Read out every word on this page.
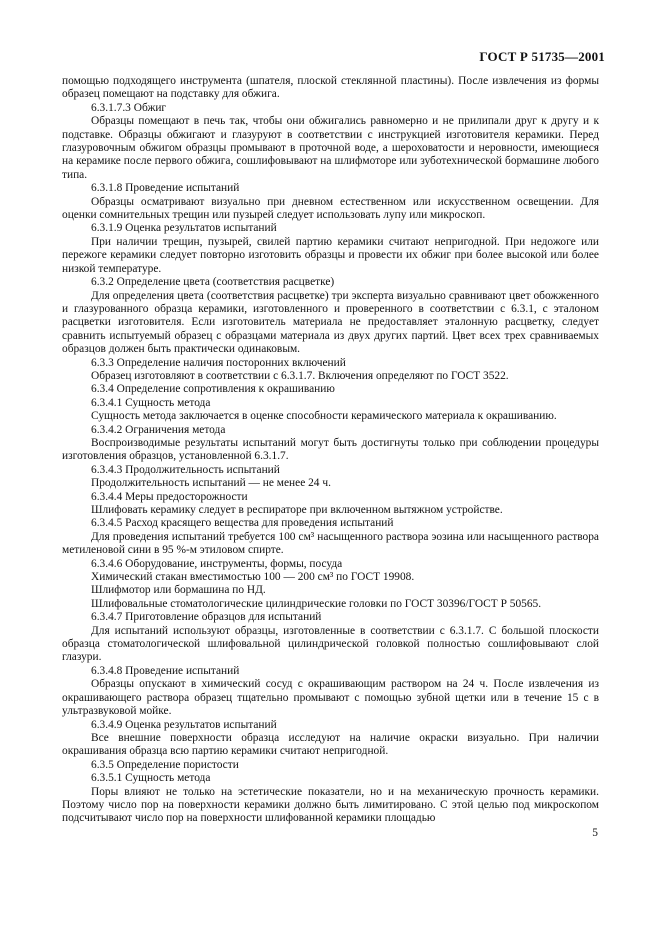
ГОСТ Р 51735—2001

помощью подходящего инструмента (шпателя, плоской стеклянной пластины). После извлечения из формы образец помещают на подставку для обжига.

6.3.1.7.3 Обжиг

Образцы помещают в печь так, чтобы они обжигались равномерно и не прилипали друг к другу и к подставке. Образцы обжигают и глазуруют в соответствии с инструкцией изготовителя керамики. Перед глазуровочным обжигом образцы промывают в проточной воде, а шероховатости и неровности, имеющиеся на керамике после первого обжига, сошлифовывают на шлифмоторе или зуботехнической бормашине любого типа.

6.3.1.8 Проведение испытаний

Образцы осматривают визуально при дневном естественном или искусственном освещении. Для оценки сомнительных трещин или пузырей следует использовать лупу или микроскоп.

6.3.1.9 Оценка результатов испытаний

При наличии трещин, пузырей, свилей партию керамики считают непригодной. При недожоге или пережоге керамики следует повторно изготовить образцы и провести их обжиг при более высокой или более низкой температуре.

6.3.2 Определение цвета (соответствия расцветке)

Для определения цвета (соответствия расцветке) три эксперта визуально сравнивают цвет обожженного и глазурованного образца керамики, изготовленного и проверенного в соответствии с 6.3.1, с эталоном расцветки изготовителя. Если изготовитель материала не предоставляет эталонную расцветку, следует сравнить испытуемый образец с образцами материала из двух других партий. Цвет всех трех сравниваемых образцов должен быть практически одинаковым.

6.3.3 Определение наличия посторонних включений

Образец изготовляют в соответствии с 6.3.1.7. Включения определяют по ГОСТ 3522.

6.3.4 Определение сопротивления к окрашиванию

6.3.4.1 Сущность метода

Сущность метода заключается в оценке способности керамического материала к окрашиванию.

6.3.4.2 Ограничения метода

Воспроизводимые результаты испытаний могут быть достигнуты только при соблюдении процедуры изготовления образцов, установленной 6.3.1.7.

6.3.4.3 Продолжительность испытаний

Продолжительность испытаний — не менее 24 ч.

6.3.4.4 Меры предосторожности

Шлифовать керамику следует в респираторе при включенном вытяжном устройстве.

6.3.4.5 Расход красящего вещества для проведения испытаний

Для проведения испытаний требуется 100 см³ насыщенного раствора эозина или насыщенного раствора метиленовой сини в 95 %-м этиловом спирте.

6.3.4.6 Оборудование, инструменты, формы, посуда

Химический стакан вместимостью 100 — 200 см³ по ГОСТ 19908.

Шлифмотор или бормашина по НД.

Шлифовальные стоматологические цилиндрические головки по ГОСТ 30396/ГОСТ Р 50565.

6.3.4.7 Приготовление образцов для испытаний

Для испытаний используют образцы, изготовленные в соответствии с 6.3.1.7. С большой плоскости образца стоматологической шлифовальной цилиндрической головкой полностью сошлифовывают слой глазури.

6.3.4.8 Проведение испытаний

Образцы опускают в химический сосуд с окрашивающим раствором на 24 ч. После извлечения из окрашивающего раствора образец тщательно промывают с помощью зубной щетки или в течение 15 с в ультразвуковой мойке.

6.3.4.9 Оценка результатов испытаний

Все внешние поверхности образца исследуют на наличие окраски визуально. При наличии окрашивания образца всю партию керамики считают непригодной.

6.3.5 Определение пористости

6.3.5.1 Сущность метода

Поры влияют не только на эстетические показатели, но и на механическую прочность керамики. Поэтому число пор на поверхности керамики должно быть лимитировано. С этой целью под микроскопом подсчитывают число пор на поверхности шлифованной керамики площадью

5
